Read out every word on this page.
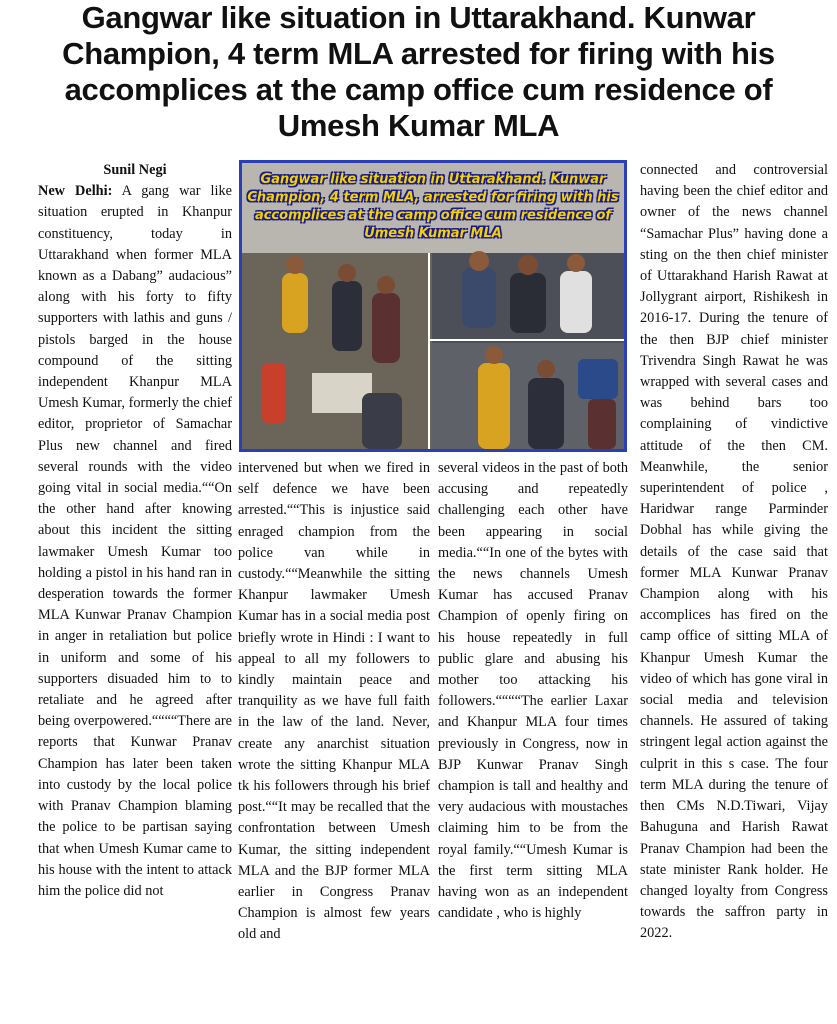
Gangwar like situation in Uttarakhand. Kunwar Champion, 4 term MLA arrested for firing with his accomplices at the camp office cum residence of Umesh Kumar MLA

Sunil Negi
New Delhi: A gang war like situation erupted in Khanpur constituency, today in Uttarakhand when former MLA known as a Dabang” audacious” along with his forty to fifty supporters with lathis and guns / pistols barged in the house compound of the sitting independent Khanpur MLA Umesh Kumar, formerly the chief editor, proprietor of Samachar Plus new channel and fired several rounds with the video going vital in social media.““On the other hand after knowing about this incident the sitting lawmaker Umesh Kumar too holding a pistol in his hand ran in desperation towards the former MLA Kunwar Pranav Champion in anger in retaliation but police in uniform and some of his supporters disuaded him to to retaliate and he agreed after being overpowered.““““There are reports that Kunwar Pranav Champion has later been taken into custody by the local police with Pranav Champion blaming the police to be partisan saying that when Umesh Kumar came to his house with the intent to attack him the police did not

Gangwar like situation in Uttarakhand. Kunwar Champion, 4 term MLA, arrested for firing with his accomplices at the camp office cum residence of Umesh Kumar MLA

intervened but when we fired in self defence we have been arrested.““This is injustice said enraged champion from the police van while in custody.““Meanwhile the sitting Khanpur lawmaker Umesh Kumar has in a social media post briefly wrote in Hindi : I want to appeal to all my followers to kindly maintain peace and tranquility as we have full faith in the law of the land. Never, create any anarchist situation wrote the sitting Khanpur MLA tk his followers through his brief post.““It may be recalled that the confrontation between Umesh Kumar, the sitting independent MLA and the BJP former MLA earlier in Congress Pranav Champion is almost few years old and

several videos in the past of both accusing and repeatedly challenging each other have been appearing in social media.““In one of the bytes with the news channels Umesh Kumar has accused Pranav Champion of openly firing on his house repeatedly in full public glare and abusing his mother too attacking his followers.““““The earlier Laxar and Khanpur MLA four times previously in Congress, now in BJP Kunwar Pranav Singh champion is tall and healthy and very audacious with moustaches claiming him to be from the royal family.““Umesh Kumar is the first term sitting MLA having won as an independent candidate , who is highly

connected and controversial having been the chief editor and owner of the news channel “Samachar Plus” having done a sting on the then chief minister of Uttarakhand Harish Rawat at Jollygrant airport, Rishikesh in 2016-17. During the tenure of the then BJP chief minister Trivendra Singh Rawat he was wrapped with several cases and was behind bars too complaining of vindictive attitude of the then CM. Meanwhile, the senior superintendent of police , Haridwar range Parminder Dobhal has while giving the details of the case said that former MLA Kunwar Pranav Champion along with his accomplices has fired on the camp office of sitting MLA of Khanpur Umesh Kumar the video of which has gone viral in social media and television channels. He assured of taking stringent legal action against the culprit in this s case. The four term MLA during the tenure of then CMs N.D.Tiwari, Vijay Bahuguna and Harish Rawat Pranav Champion had been the state minister Rank holder. He changed loyalty from Congress towards the saffron party in 2022.
